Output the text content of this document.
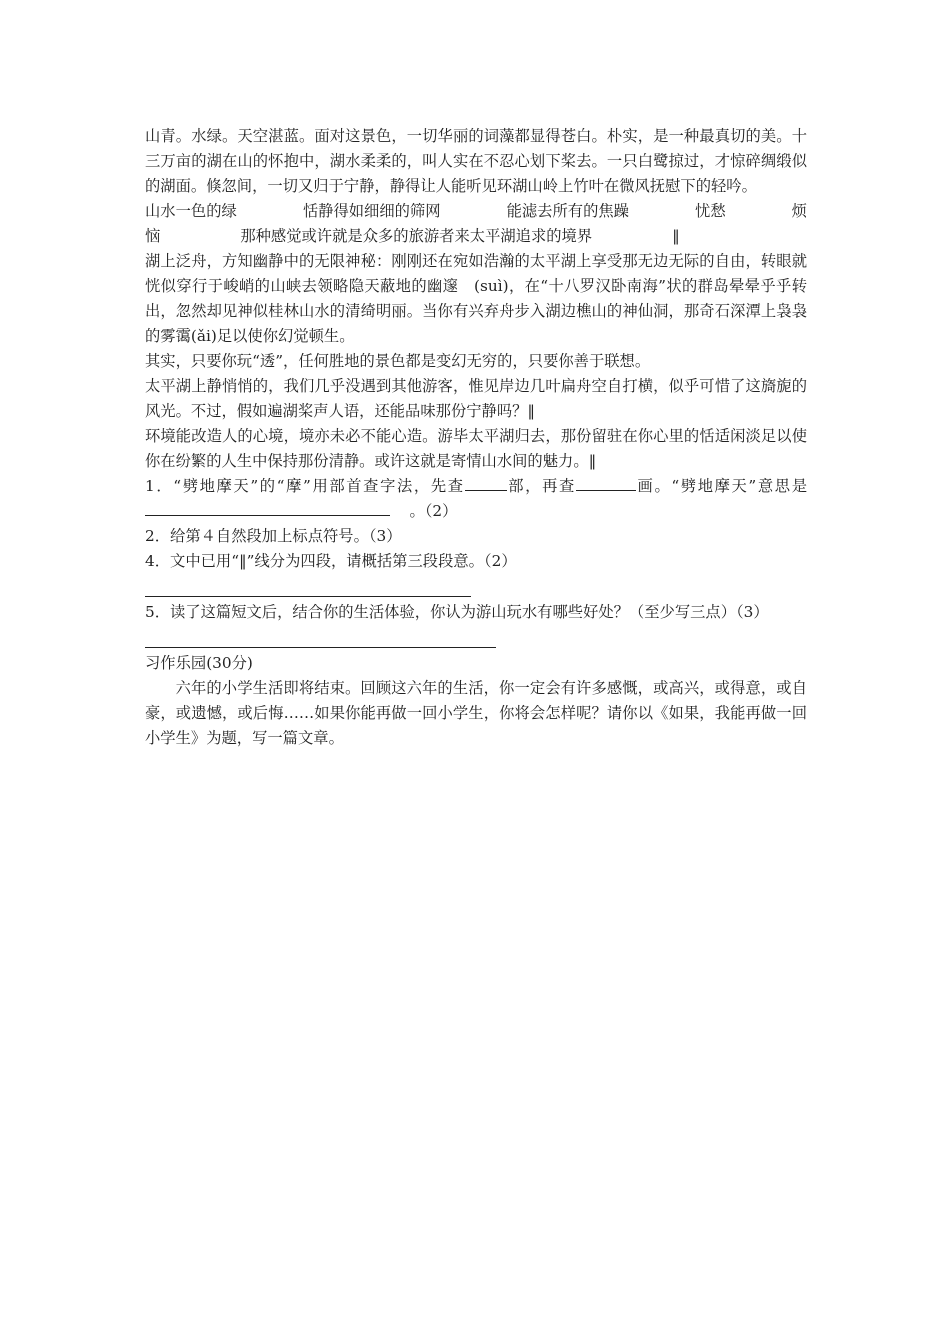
山青。水绿。天空湛蓝。面对这景色，一切华丽的词藻都显得苍白。朴实，是一种最真切的美。十三万亩的湖在山的怀抱中，湖水柔柔的，叫人实在不忍心划下桨去。一只白鹭掠过，才惊碎绸缎似的湖面。倏忽间，一切又归于宁静，静得让人能听见环湖山岭上竹叶在微风抚慰下的轻吟。

山水一色的绿	恬静得如细细的筛网	能滤去所有的焦躁	忧愁	烦
恼	那种感觉或许就是众多的旅游者来太平湖追求的境界	‖

湖上泛舟，方知幽静中的无限神秘：刚刚还在宛如浩瀚的太平湖上享受那无边无际的自由，转眼就恍似穿行于峻峭的山峡去领略隐天蔽地的幽邃　(suì)，在“十八罗汉卧南海”状的群岛晕晕乎乎转出，忽然却见神似桂林山水的清绮明丽。当你有兴弃舟步入湖边樵山的神仙洞，那奇石深潭上袅袅的雾霭(ǎi)足以使你幻觉顿生。

其实，只要你玩“透”，任何胜地的景色都是变幻无穷的，只要你善于联想。

太平湖上静悄悄的，我们几乎没遇到其他游客，惟见岸边几叶扁舟空自打横，似乎可惜了这旖旎的风光。不过，假如遍湖桨声人语，还能品味那份宁静吗？‖

环境能改造人的心境，境亦未必不能心造。游毕太平湖归去，那份留驻在你心里的恬适闲淡足以使你在纷繁的人生中保持那份清静。或许这就是寄情山水间的魅力。‖

1．“劈地摩天”的“摩”用部首查字法，先查	部，再查	画。“劈地摩天”意思是    。（2）

2．给第４自然段加上标点符号。（3）

4．文中已用“‖”线分为四段，请概括第三段段意。（2）

5．读了这篇短文后，结合你的生活体验，你认为游山玩水有哪些好处？（至少写三点）（3）

习作乐园(30分)

六年的小学生活即将结束。回顾这六年的生活，你一定会有许多感慨，或高兴，或得意，或自豪，或遗憾，或后悔……如果你能再做一回小学生，你将会怎样呢？请你以《如果，我能再做一回小学生》为题，写一篇文章。
